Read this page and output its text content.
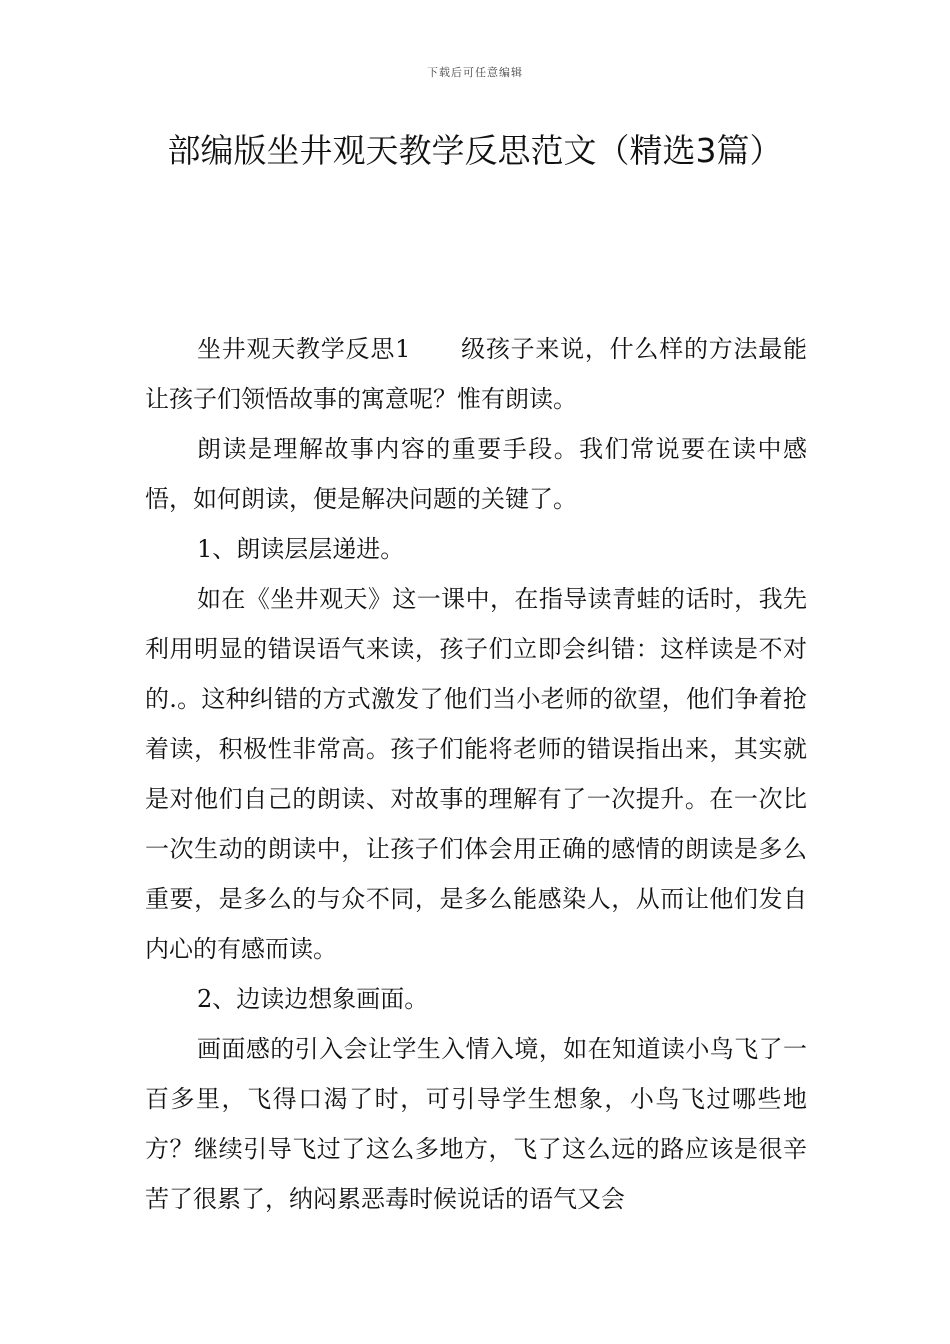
下载后可任意编辑
部编版坐井观天教学反思范文（精选3篇）

坐井观天教学反思1 级孩子来说，什么样的方法最能让孩子们领悟故事的寓意呢？惟有朗读。

朗读是理解故事内容的重要手段。我们常说要在读中感悟，如何朗读，便是解决问题的关键了。

1、朗读层层递进。

如在《坐井观天》这一课中，在指导读青蛙的话时，我先利用明显的错误语气来读，孩子们立即会纠错：这样读是不对的.。这种纠错的方式激发了他们当小老师的欲望，他们争着抢着读，积极性非常高。孩子们能将老师的错误指出来，其实就是对他们自己的朗读、对故事的理解有了一次提升。在一次比一次生动的朗读中，让孩子们体会用正确的感情的朗读是多么重要，是多么的与众不同，是多么能感染人，从而让他们发自内心的有感而读。

2、边读边想象画面。

画面感的引入会让学生入情入境，如在知道读小鸟飞了一百多里，飞得口渴了时，可引导学生想象，小鸟飞过哪些地方？继续引导飞过了这么多地方，飞了这么远的路应该是很辛苦了很累了，纳闷累恶毒时候说话的语气又会
